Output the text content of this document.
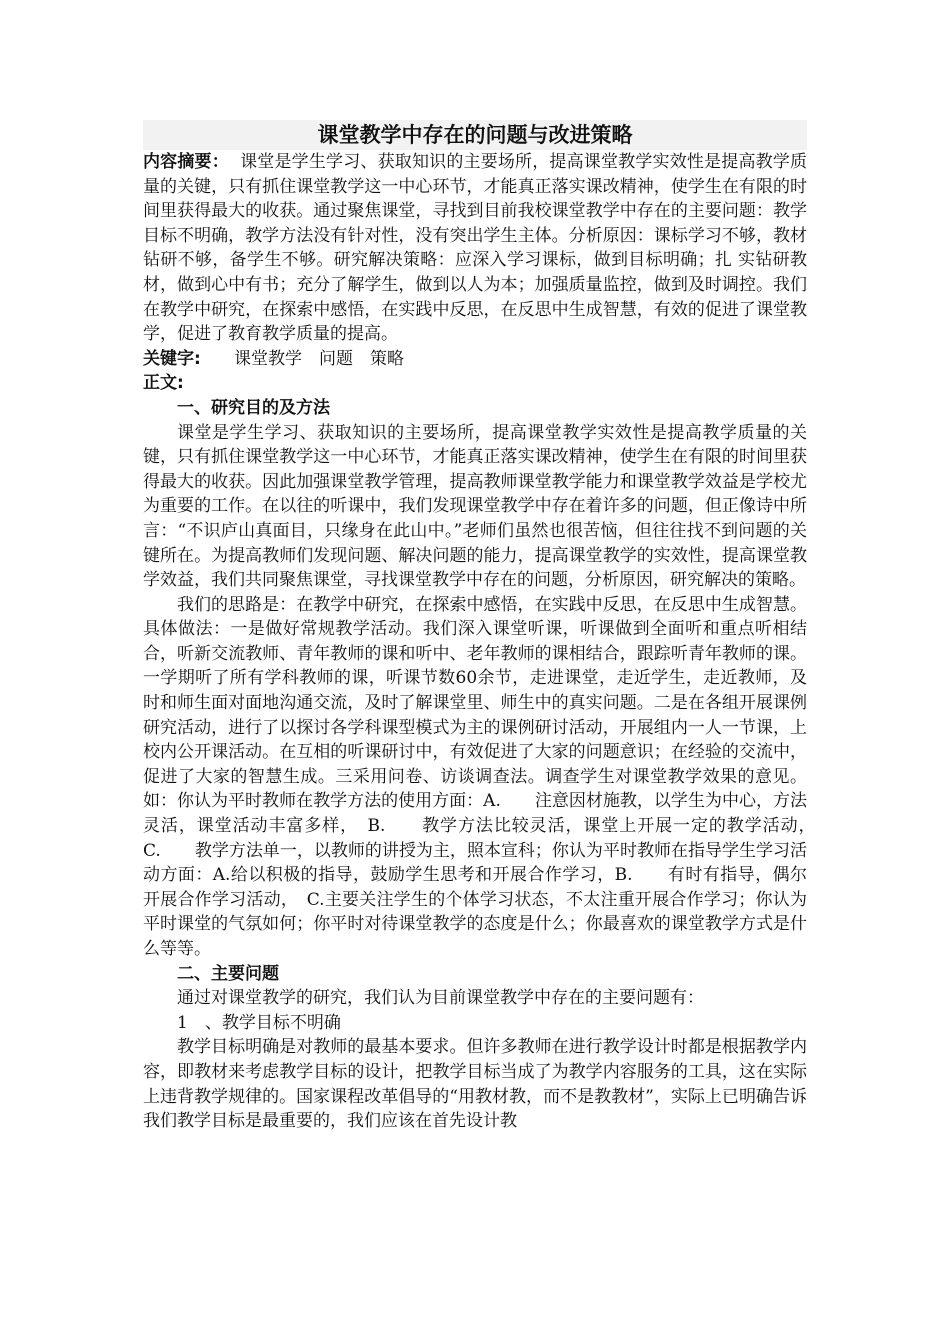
课堂教学中存在的问题与改进策略

内容摘要： 课堂是学生学习、获取知识的主要场所，提高课堂教学实效性是提高教学质量的关键，只有抓住课堂教学这一中心环节，才能真正落实课改精神，使学生在有限的时间里获得最大的收获。通过聚焦课堂，寻找到目前我校课堂教学中存在的主要问题：教学目标不明确，教学方法没有针对性，没有突出学生主体。分析原因：课标学习不够，教材钻研不够，备学生不够。研究解决策略：应深入学习课标，做到目标明确；扎 实钻研教材，做到心中有书；充分了解学生，做到以人为本；加强质量监控，做到及时调控。我们在教学中研究，在探索中感悟，在实践中反思，在反思中生成智慧，有效的促进了课堂教学，促进了教育教学质量的提高。

关键字: 课堂教学 问题 策略

正文:

一、研究目的及方法

课堂是学生学习、获取知识的主要场所，提高课堂教学实效性是提高教学质量的关键，只有抓住课堂教学这一中心环节，才能真正落实课改精神，使学生在有限的时间里获得最大的收获。因此加强课堂教学管理，提高教师课堂教学能力和课堂教学效益是学校尤为重要的工作。在以往的听课中，我们发现课堂教学中存在着许多的问题，但正像诗中所言：“不识庐山真面目，只缘身在此山中。”老师们虽然也很苦恼，但往往找不到问题的关键所在。为提高教师们发现问题、解决问题的能力，提高课堂教学的实效性，提高课堂教学效益，我们共同聚焦课堂，寻找课堂教学中存在的问题，分析原因，研究解决的策略。

我们的思路是：在教学中研究，在探索中感悟，在实践中反思，在反思中生成智慧。具体做法：一是做好常规教学活动。我们深入课堂听课，听课做到全面听和重点听相结合，听新交流教师、青年教师的课和听中、老年教师的课相结合，跟踪听青年教师的课。一学期听了所有学科教师的课，听课节数60余节，走进课堂，走近学生，走近教师，及时和师生面对面地沟通交流，及时了解课堂里、师生中的真实问题。二是在各组开展课例研究活动，进行了以探讨各学科课型模式为主的课例研讨活动，开展组内一人一节课，上校内公开课活动。在互相的听课研讨中，有效促进了大家的问题意识；在经验的交流中，促进了大家的智慧生成。三采用问卷、访谈调查法。调查学生对课堂教学效果的意见。如：你认为平时教师在教学方法的使用方面：A.　　注意因材施教，以学生为中心，方法灵活，课堂活动丰富多样，　B.　　教学方法比较灵活，课堂上开展一定的教学活动，　C.　　教学方法单一，以教师的讲授为主，照本宣科；你认为平时教师在指导学生学习活动方面：A.给以积极的指导，鼓励学生思考和开展合作学习，B.　　有时有指导，偶尔开展合作学习活动，　C.主要关注学生的个体学习状态，不太注重开展合作学习；你认为平时课堂的气氛如何；你平时对待课堂教学的态度是什么；你最喜欢的课堂教学方式是什么等等。

二、主要问题

通过对课堂教学的研究，我们认为目前课堂教学中存在的主要问题有：

1　、教学目标不明确

教学目标明确是对教师的最基本要求。但许多教师在进行教学设计时都是根据教学内容，即教材来考虑教学目标的设计，把教学目标当成了为教学内容服务的工具，这在实际上违背教学规律的。国家课程改革倡导的“用教材教，而不是教教材”，实际上已明确告诉我们教学目标是最重要的，我们应该在首先设计教
